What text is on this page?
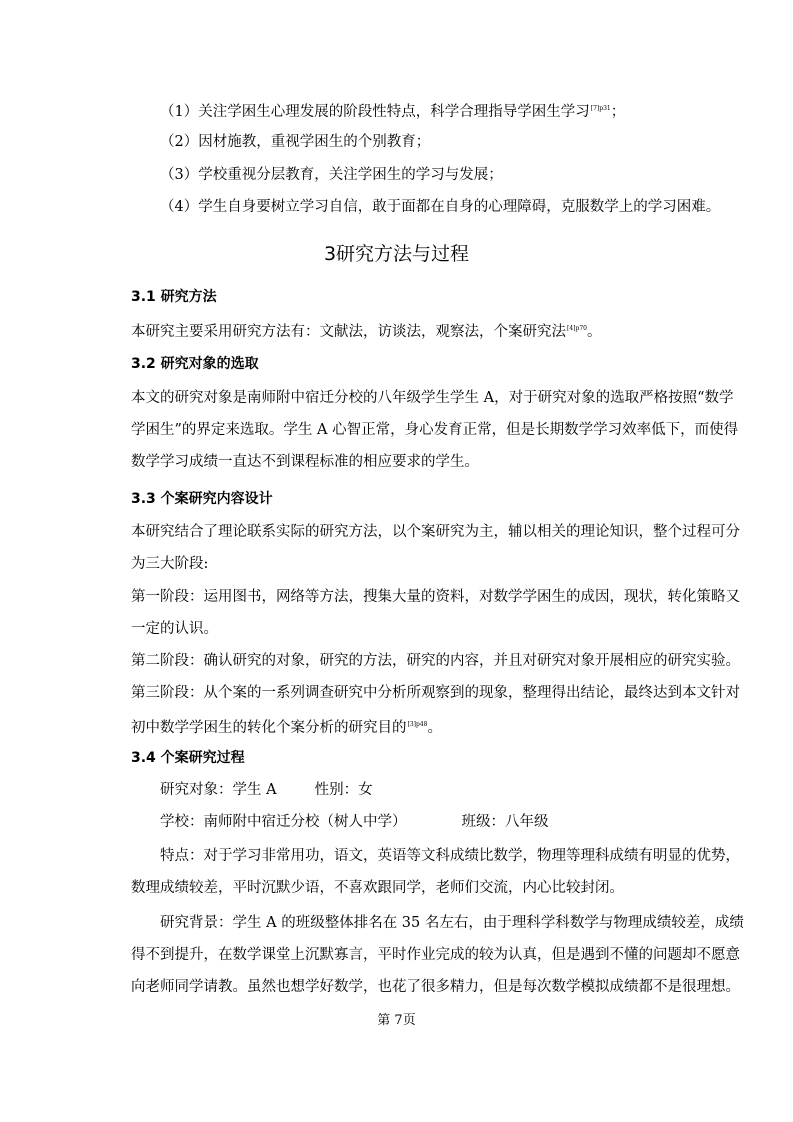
（1）关注学困生心理发展的阶段性特点，科学合理指导学困生学习$^{[7]p31}$；
（2）因材施教，重视学困生的个别教育；
（3）学校重视分层教育，关注学困生的学习与发展；
（4）学生自身要树立学习自信，敢于面都在自身的心理障碍，克服数学上的学习困难。
3研究方法与过程
3.1 研究方法
本研究主要采用研究方法有：文献法，访谈法，观察法，个案研究法$^{[4]p70}$。
3.2 研究对象的选取
本文的研究对象是南师附中宿迁分校的八年级学生学生 A，对于研究对象的选取严格按照“数学
学困生”的界定来选取。学生 A 心智正常，身心发育正常，但是长期数学学习效率低下，而使得
数学学习成绩一直达不到课程标准的相应要求的学生。
3.3 个案研究内容设计
本研究结合了理论联系实际的研究方法，以个案研究为主，辅以相关的理论知识，整个过程可分
为三大阶段:
第一阶段：运用图书，网络等方法，搜集大量的资料，对数学学困生的成因，现状，转化策略又
一定的认识。
第二阶段：确认研究的对象，研究的方法，研究的内容，并且对研究对象开展相应的研究实验。
第三阶段：从个案的一系列调查研究中分析所观察到的现象，整理得出结论，最终达到本文针对
初中数学学困生的转化个案分析的研究目的$^{[3]p48}$。
3.4 个案研究过程
研究对象：学生 A	性别：女
学校：南师附中宿迁分校（树人中学）	班级：八年级
特点：对于学习非常用功，语文，英语等文科成绩比数学，物理等理科成绩有明显的优势，
数理成绩较差，平时沉默少语，不喜欢跟同学，老师们交流，内心比较封闭。
研究背景：学生 A 的班级整体排名在 35 名左右，由于理科学科数学与物理成绩较差，成绩
得不到提升，在数学课堂上沉默寡言，平时作业完成的较为认真，但是遇到不懂的问题却不愿意
向老师同学请教。虽然也想学好数学，也花了很多精力，但是每次数学模拟成绩都不是很理想。
第 7页
